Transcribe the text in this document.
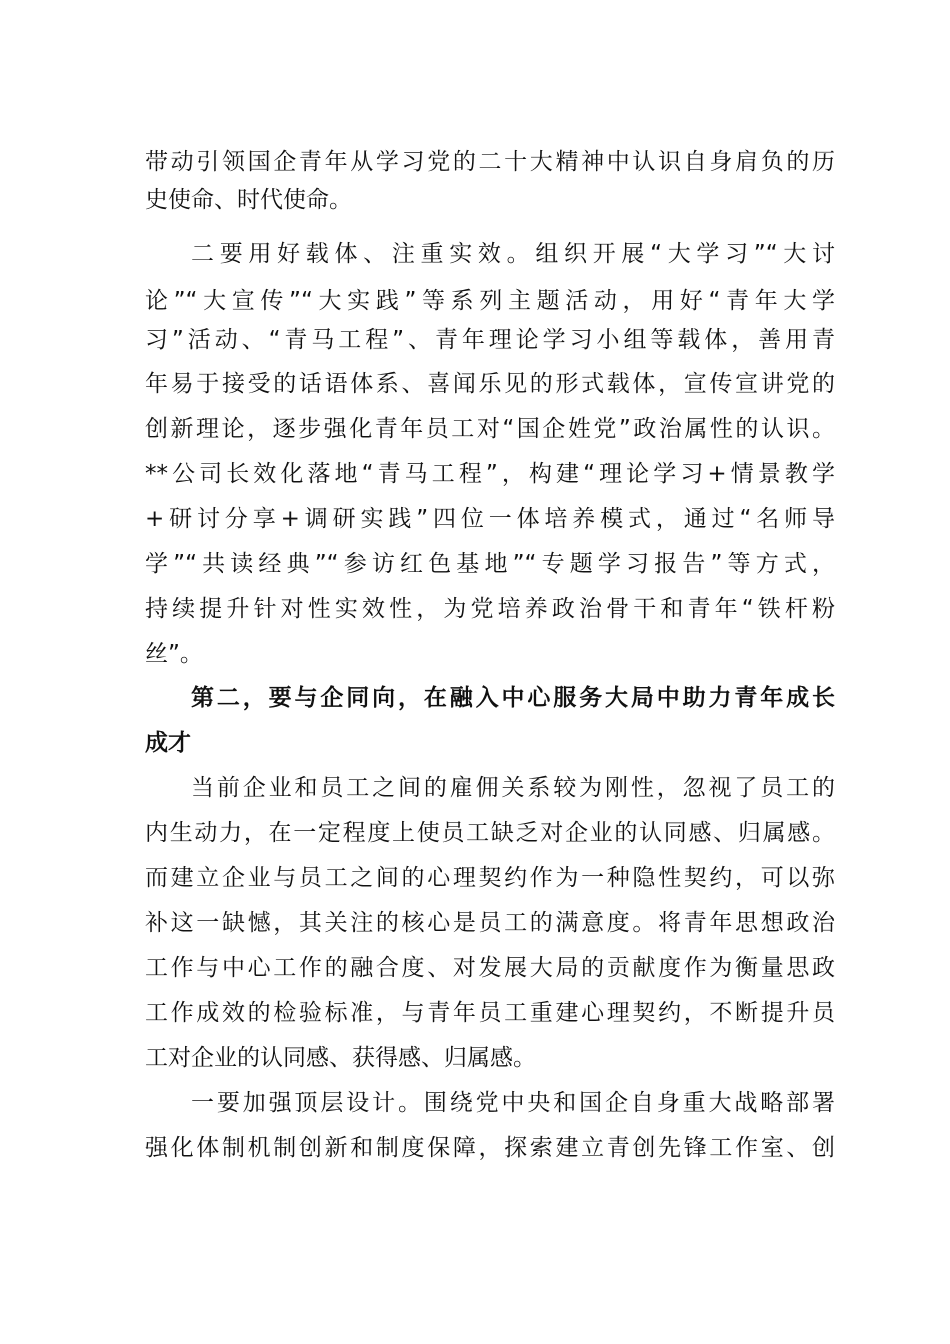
带动引领国企青年从学习党的二十大精神中认识自身肩负的历
史使命、时代使命。
二要用好载体、注重实效。组织开展“大学习”“大讨
论”“大宣传”“大实践”等系列主题活动，用好“青年大学
习”活动、“青马工程”、青年理论学习小组等载体，善用青
年易于接受的话语体系、喜闻乐见的形式载体，宣传宣讲党的
创新理论，逐步强化青年员工对“国企姓党”政治属性的认识。
**公司长效化落地“青马工程”，构建“理论学习+情景教学
+研讨分享+调研实践”四位一体培养模式，通过“名师导
学”“共读经典”“参访红色基地”“专题学习报告”等方式，
持续提升针对性实效性，为党培养政治骨干和青年“铁杆粉
丝”。
第二，要与企同向，在融入中心服务大局中助力青年成长
成才
当前企业和员工之间的雇佣关系较为刚性，忽视了员工的
内生动力，在一定程度上使员工缺乏对企业的认同感、归属感。
而建立企业与员工之间的心理契约作为一种隐性契约，可以弥
补这一缺憾，其关注的核心是员工的满意度。将青年思想政治
工作与中心工作的融合度、对发展大局的贡献度作为衡量思政
工作成效的检验标准，与青年员工重建心理契约，不断提升员
工对企业的认同感、获得感、归属感。
一要加强顶层设计。围绕党中央和国企自身重大战略部署
强化体制机制创新和制度保障，探索建立青创先锋工作室、创
